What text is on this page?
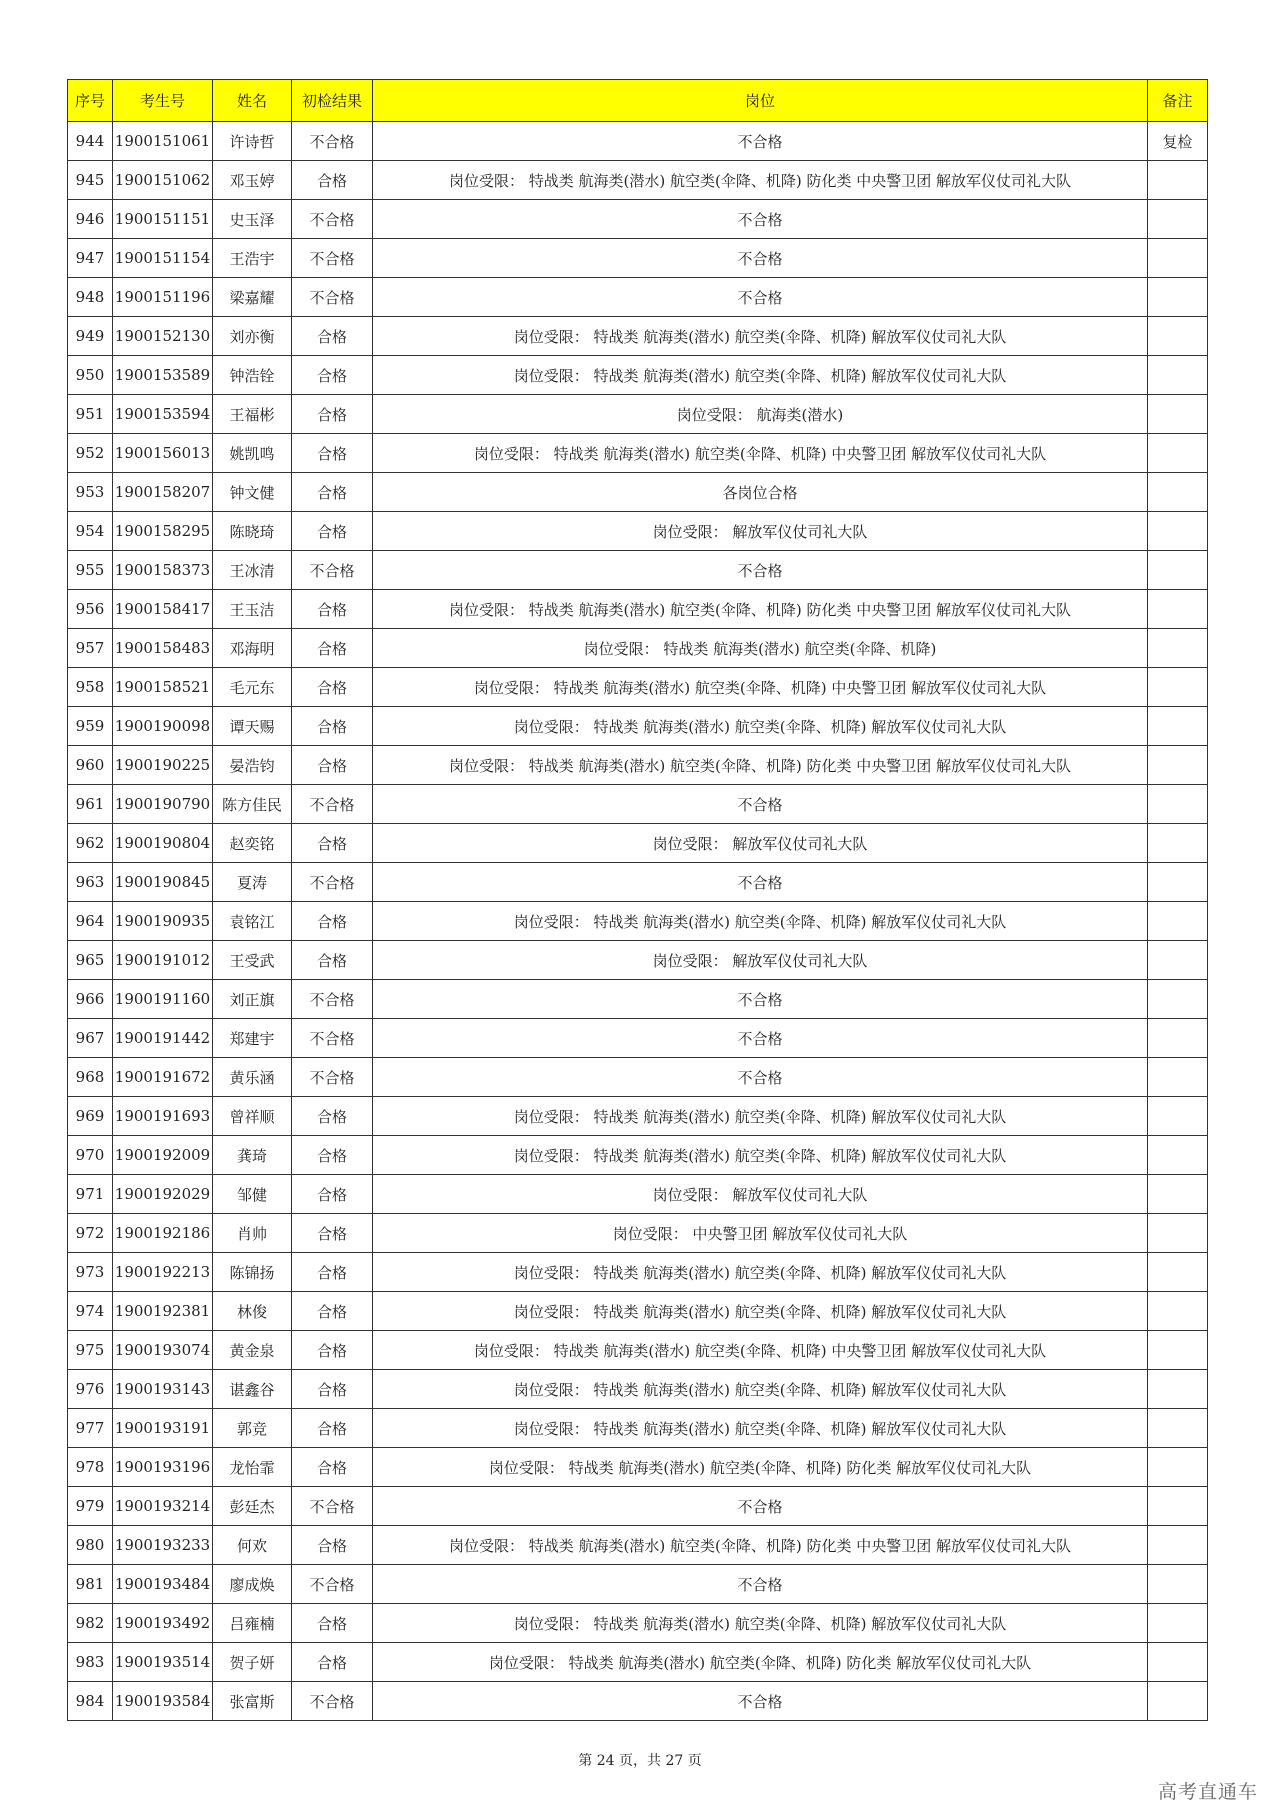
序号	考生号	姓名	初检结果	岗位	备注
944	1900151061	许诗哲	不合格	不合格	复检
945	1900151062	邓玉婷	合格	岗位受限： 特战类 航海类(潜水) 航空类(伞降、机降) 防化类 中央警卫团 解放军仪仗司礼大队	
946	1900151151	史玉泽	不合格	不合格	
947	1900151154	王浩宇	不合格	不合格	
948	1900151196	梁嘉耀	不合格	不合格	
949	1900152130	刘亦衡	合格	岗位受限： 特战类 航海类(潜水) 航空类(伞降、机降) 解放军仪仗司礼大队	
950	1900153589	钟浩铨	合格	岗位受限： 特战类 航海类(潜水) 航空类(伞降、机降) 解放军仪仗司礼大队	
951	1900153594	王福彬	合格	岗位受限： 航海类(潜水)	
952	1900156013	姚凯鸣	合格	岗位受限： 特战类 航海类(潜水) 航空类(伞降、机降) 中央警卫团 解放军仪仗司礼大队	
953	1900158207	钟文健	合格	各岗位合格	
954	1900158295	陈晓琦	合格	岗位受限： 解放军仪仗司礼大队	
955	1900158373	王冰清	不合格	不合格	
956	1900158417	王玉洁	合格	岗位受限： 特战类 航海类(潜水) 航空类(伞降、机降) 防化类 中央警卫团 解放军仪仗司礼大队	
957	1900158483	邓海明	合格	岗位受限： 特战类 航海类(潜水) 航空类(伞降、机降)	
958	1900158521	毛元东	合格	岗位受限： 特战类 航海类(潜水) 航空类(伞降、机降) 中央警卫团 解放军仪仗司礼大队	
959	1900190098	谭天赐	合格	岗位受限： 特战类 航海类(潜水) 航空类(伞降、机降) 解放军仪仗司礼大队	
960	1900190225	晏浩钧	合格	岗位受限： 特战类 航海类(潜水) 航空类(伞降、机降) 防化类 中央警卫团 解放军仪仗司礼大队	
961	1900190790	陈方佳民	不合格	不合格	
962	1900190804	赵奕铭	合格	岗位受限： 解放军仪仗司礼大队	
963	1900190845	夏涛	不合格	不合格	
964	1900190935	袁铭江	合格	岗位受限： 特战类 航海类(潜水) 航空类(伞降、机降) 解放军仪仗司礼大队	
965	1900191012	王受武	合格	岗位受限： 解放军仪仗司礼大队	
966	1900191160	刘正旗	不合格	不合格	
967	1900191442	郑建宇	不合格	不合格	
968	1900191672	黄乐涵	不合格	不合格	
969	1900191693	曾祥顺	合格	岗位受限： 特战类 航海类(潜水) 航空类(伞降、机降) 解放军仪仗司礼大队	
970	1900192009	龚琦	合格	岗位受限： 特战类 航海类(潜水) 航空类(伞降、机降) 解放军仪仗司礼大队	
971	1900192029	邹健	合格	岗位受限： 解放军仪仗司礼大队	
972	1900192186	肖帅	合格	岗位受限： 中央警卫团 解放军仪仗司礼大队	
973	1900192213	陈锦扬	合格	岗位受限： 特战类 航海类(潜水) 航空类(伞降、机降) 解放军仪仗司礼大队	
974	1900192381	林俊	合格	岗位受限： 特战类 航海类(潜水) 航空类(伞降、机降) 解放军仪仗司礼大队	
975	1900193074	黄金泉	合格	岗位受限： 特战类 航海类(潜水) 航空类(伞降、机降) 中央警卫团 解放军仪仗司礼大队	
976	1900193143	谌鑫谷	合格	岗位受限： 特战类 航海类(潜水) 航空类(伞降、机降) 解放军仪仗司礼大队	
977	1900193191	郭竞	合格	岗位受限： 特战类 航海类(潜水) 航空类(伞降、机降) 解放军仪仗司礼大队	
978	1900193196	龙怡霏	合格	岗位受限： 特战类 航海类(潜水) 航空类(伞降、机降) 防化类 解放军仪仗司礼大队	
979	1900193214	彭廷杰	不合格	不合格	
980	1900193233	何欢	合格	岗位受限： 特战类 航海类(潜水) 航空类(伞降、机降) 防化类 中央警卫团 解放军仪仗司礼大队	
981	1900193484	廖成焕	不合格	不合格	
982	1900193492	吕雍楠	合格	岗位受限： 特战类 航海类(潜水) 航空类(伞降、机降) 解放军仪仗司礼大队	
983	1900193514	贺子妍	合格	岗位受限： 特战类 航海类(潜水) 航空类(伞降、机降) 防化类 解放军仪仗司礼大队	
984	1900193584	张富斯	不合格	不合格	
第 24 页，共 27 页
高考直通车
